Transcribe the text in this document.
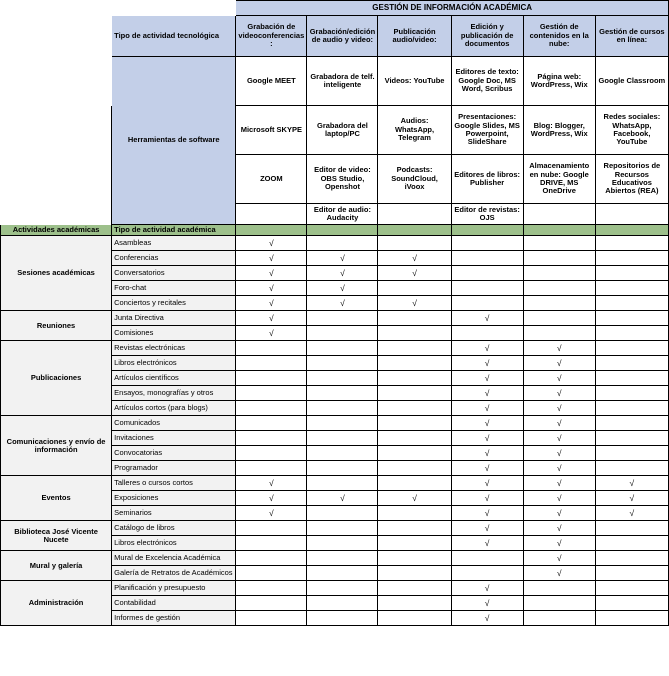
		GESTIÓN DE INFORMACIÓN ACADÉMICA					
	Tipo de actividad tecnológica	Grabación de videoconferencias:	Grabación/edición de audio y video:	Publicación audio/video:	Edición y publicación de documentos	Gestión de contenidos en la nube:	Gestión de cursos en línea:
	Herramientas de software	Google MEET	Grabadora de telf. inteligente	Videos: YouTube	Editores de texto: Google Doc, MS Word, Scribus	Página web: WordPress, Wix	Google Classroom
		Microsoft SKYPE	Grabadora del laptop/PC	Audios: WhatsApp, Telegram	Presentaciones: Google Slides, MS Powerpoint, SlideShare	Blog: Blogger, WordPress, Wix	Redes sociales: WhatsApp, Facebook, YouTube
		ZOOM	Editor de video: OBS Studio, Openshot	Podcasts: SoundCloud, iVoox	Editores de libros: Publisher	Almacenamiento en nube: Google DRIVE, MS OneDrive	Repositorios de Recursos Educativos Abiertos (REA)
			Editor de audio: Audacity		Editor de revistas: OJS		
Actividades académicas	Tipo de actividad académica						
Sesiones académicas	Asambleas	√					
	Conferencias	√	√	√			
	Conversatorios	√	√	√			
	Foro-chat	√	√				
	Conciertos y recitales	√	√	√			
Reuniones	Junta Directiva	√			√		
	Comisiones	√					
Publicaciones	Revistas electrónicas				√	√	
	Libros electrónicos				√	√	
	Artículos científicos				√	√	
	Ensayos, monografías y otros				√	√	
	Artículos cortos (para blogs)				√	√	
Comunicaciones y envío de información	Comunicados				√	√	
	Invitaciones				√	√	
	Convocatorias				√	√	
	Programador				√	√	
Eventos	Talleres o cursos cortos	√			√	√	√
	Exposiciones	√	√	√	√	√	√
	Seminarios	√			√	√	√
Biblioteca José Vicente Nucete	Catálogo de libros				√	√	
	Libros electrónicos				√	√	
Mural y galería	Mural de Excelencia Académica					√	
	Galería de Retratos de Académicos					√	
Administración	Planificación y presupuesto				√		
	Contabilidad				√		
	Informes de gestión				√		
